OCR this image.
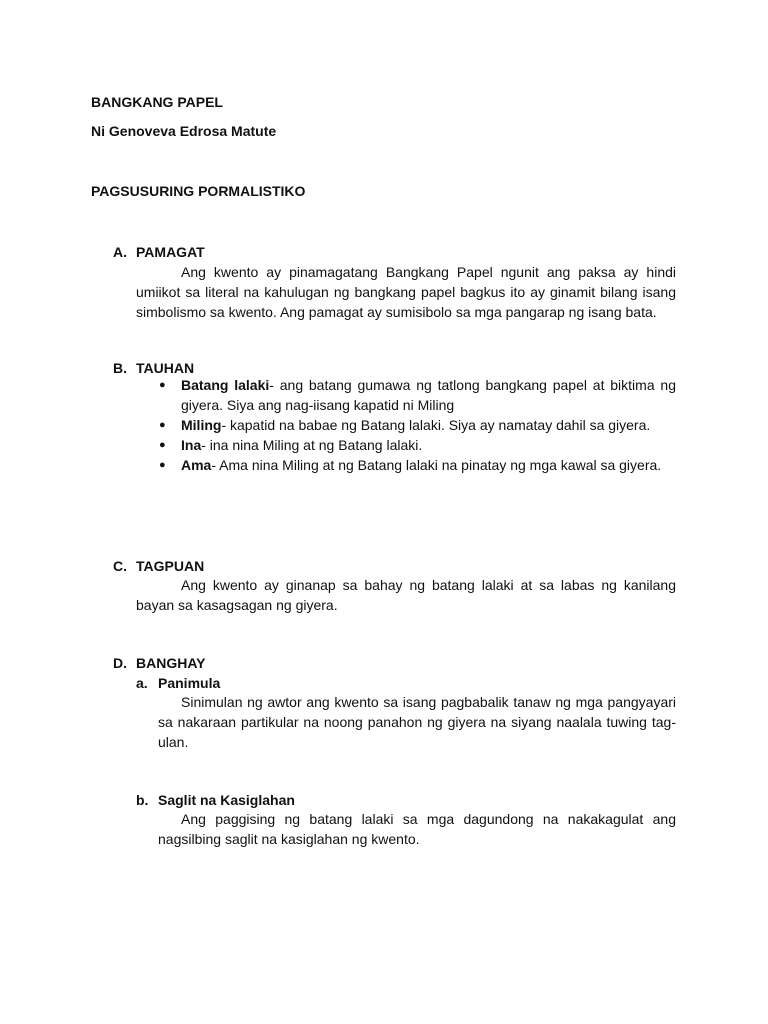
BANGKANG PAPEL

Ni Genoveva Edrosa Matute

PAGSUSURING PORMALISTIKO

A. PAMAGAT

Ang kwento ay pinamagatang Bangkang Papel ngunit ang paksa ay hindi umiikot sa literal na kahulugan ng bangkang papel bagkus ito ay ginamit bilang isang simbolismo sa kwento. Ang pamagat ay sumisibolo sa mga pangarap ng isang bata.

B. TAUHAN

● Batang lalaki- ang batang gumawa ng tatlong bangkang papel at biktima ng giyera. Siya ang nag-iisang kapatid ni Miling
● Miling- kapatid na babae ng Batang lalaki. Siya ay namatay dahil sa giyera.
● Ina- ina nina Miling at ng Batang lalaki.
● Ama- Ama nina Miling at ng Batang lalaki na pinatay ng mga kawal sa giyera.

C. TAGPUAN

Ang kwento ay ginanap sa bahay ng batang lalaki at sa labas ng kanilang bayan sa kasagsagan ng giyera.

D. BANGHAY

a. Panimula

Sinimulan ng awtor ang kwento sa isang pagbabalik tanaw ng mga pangyayari sa nakaraan partikular na noong panahon ng giyera na siyang naalala tuwing tag-ulan.

b. Saglit na Kasiglahan

Ang paggising ng batang lalaki sa mga dagundong na nakakagulat ang nagsilbing saglit na kasiglahan ng kwento.
